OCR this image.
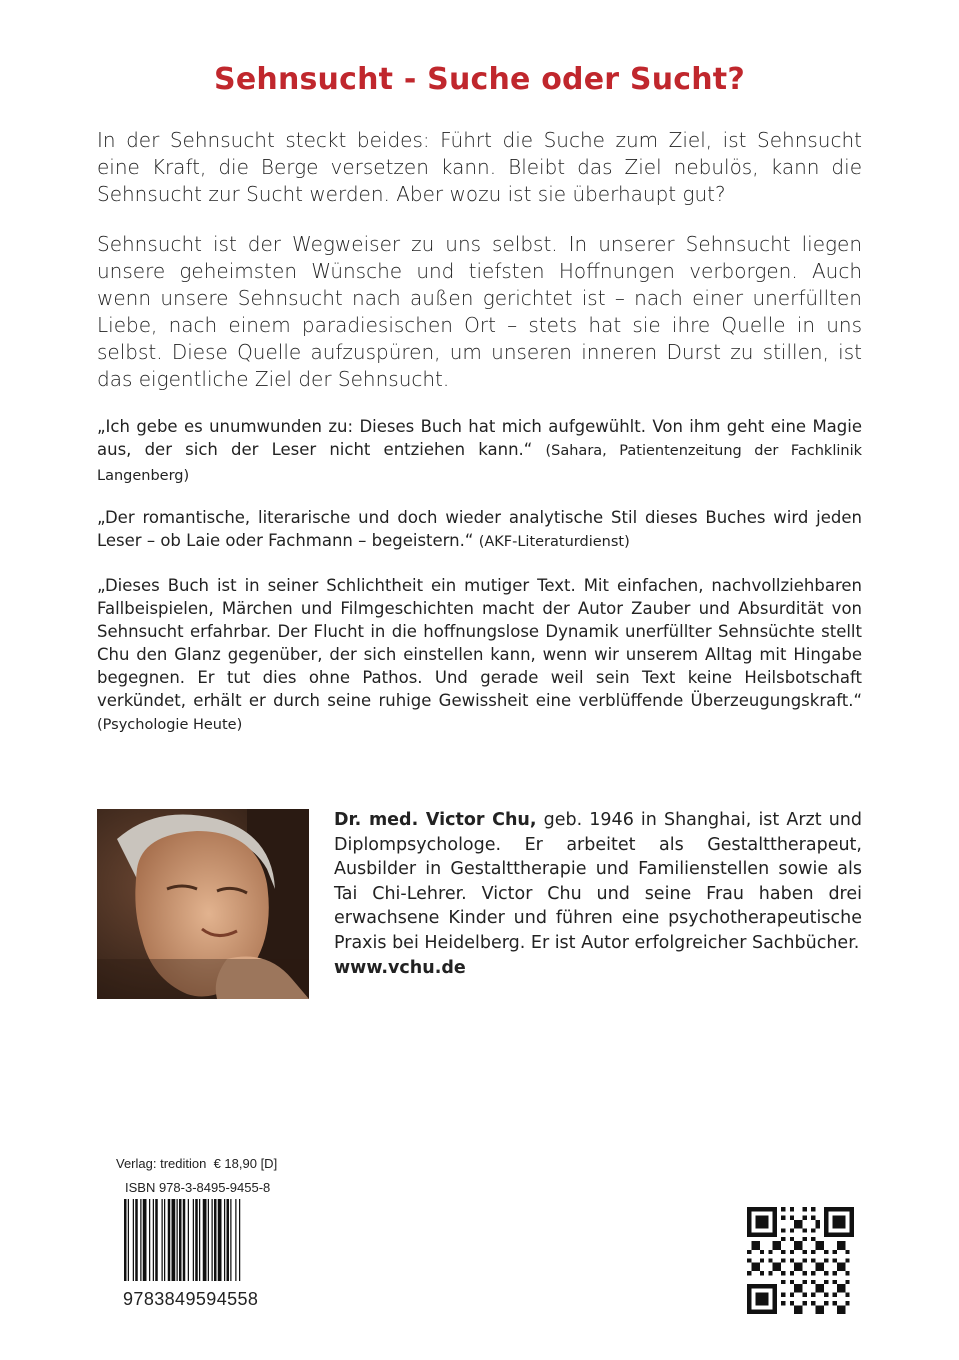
Sehnsucht - Suche oder Sucht?

In der Sehnsucht steckt beides: Führt die Suche zum Ziel, ist Sehnsucht eine Kraft, die Berge versetzen kann. Bleibt das Ziel nebulös, kann die Sehnsucht zur Sucht werden. Aber wozu ist sie überhaupt gut?

Sehnsucht ist der Wegweiser zu uns selbst. In unserer Sehnsucht liegen unsere geheimsten Wünsche und tiefsten Hoffnungen verborgen. Auch wenn unsere Sehnsucht nach außen gerichtet ist – nach einer unerfüllten Liebe, nach einem paradiesischen Ort – stets hat sie ihre Quelle in uns selbst. Diese Quelle aufzuspüren, um unseren inneren Durst zu stillen, ist das eigentliche Ziel der Sehnsucht.

„Ich gebe es unumwunden zu: Dieses Buch hat mich aufgewühlt. Von ihm geht eine Magie aus, der sich der Leser nicht entziehen kann.“ (Sahara, Patientenzeitung der Fachklinik Langenberg)

„Der romantische, literarische und doch wieder analytische Stil dieses Buches wird jeden Leser – ob Laie oder Fachmann – begeistern.“ (AKF-Literaturdienst)

„Dieses Buch ist in seiner Schlichtheit ein mutiger Text. Mit einfachen, nachvollziehbaren Fallbeispielen, Märchen und Filmgeschichten macht der Autor Zauber und Absurdität von Sehnsucht erfahrbar. Der Flucht in die hoffnungslose Dynamik unerfüllter Sehnsüchte stellt Chu den Glanz gegenüber, der sich einstellen kann, wenn wir unserem Alltag mit Hingabe begegnen. Er tut dies ohne Pathos. Und gerade weil sein Text keine Heilsbotschaft verkündet, erhält er durch seine ruhige Gewissheit eine verblüffende Überzeugungskraft.“ (Psychologie Heute)

Dr. med. Victor Chu, geb. 1946 in Shanghai, ist Arzt und Diplompsychologe. Er arbeitet als Gestalttherapeut, Ausbilder in Gestalttherapie und Familienstellen sowie als Tai Chi-Lehrer. Victor Chu und seine Frau haben drei erwachsene Kinder und führen eine psychotherapeutische Praxis bei Heidelberg. Er ist Autor erfolgreicher Sachbücher.
www.vchu.de

Verlag: tredition € 18,90 [D]
ISBN 978-3-8495-9455-8
9783849594558
